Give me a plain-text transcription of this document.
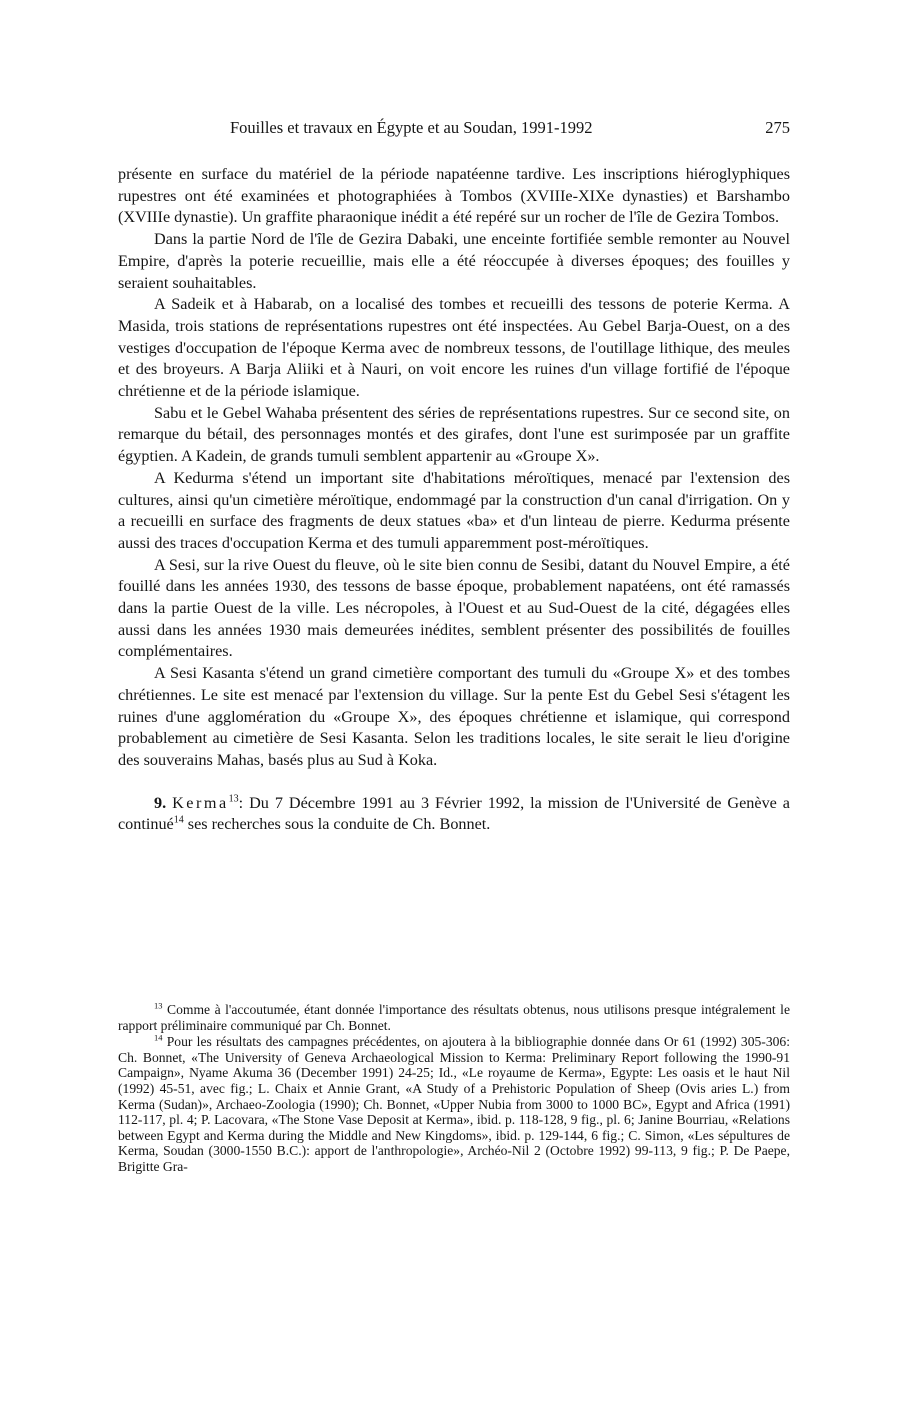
Fouilles et travaux en Égypte et au Soudan, 1991-1992	275

présente en surface du matériel de la période napatéenne tardive. Les inscriptions hiéroglyphiques rupestres ont été examinées et photographiées à Tombos (XVIIIe-XIXe dynasties) et Barshambo (XVIIIe dynastie). Un graffite pharaonique inédit a été repéré sur un rocher de l'île de Gezira Tombos.

Dans la partie Nord de l'île de Gezira Dabaki, une enceinte fortifiée semble remonter au Nouvel Empire, d'après la poterie recueillie, mais elle a été réoccupée à diverses époques; des fouilles y seraient souhaitables.

A Sadeik et à Habarab, on a localisé des tombes et recueilli des tessons de poterie Kerma. A Masida, trois stations de représentations rupestres ont été inspectées. Au Gebel Barja-Ouest, on a des vestiges d'occupation de l'époque Kerma avec de nombreux tessons, de l'outillage lithique, des meules et des broyeurs. A Barja Aliiki et à Nauri, on voit encore les ruines d'un village fortifié de l'époque chrétienne et de la période islamique.

Sabu et le Gebel Wahaba présentent des séries de représentations rupestres. Sur ce second site, on remarque du bétail, des personnages montés et des girafes, dont l'une est surimposée par un graffite égyptien. A Kadein, de grands tumuli semblent appartenir au «Groupe X».

A Kedurma s'étend un important site d'habitations méroïtiques, menacé par l'extension des cultures, ainsi qu'un cimetière méroïtique, endommagé par la construction d'un canal d'irrigation. On y a recueilli en surface des fragments de deux statues «ba» et d'un linteau de pierre. Kedurma présente aussi des traces d'occupation Kerma et des tumuli apparemment post-méroïtiques.

A Sesi, sur la rive Ouest du fleuve, où le site bien connu de Sesibi, datant du Nouvel Empire, a été fouillé dans les années 1930, des tessons de basse époque, probablement napatéens, ont été ramassés dans la partie Ouest de la ville. Les nécropoles, à l'Ouest et au Sud-Ouest de la cité, dégagées elles aussi dans les années 1930 mais demeurées inédites, semblent présenter des possibilités de fouilles complémentaires.

A Sesi Kasanta s'étend un grand cimetière comportant des tumuli du «Groupe X» et des tombes chrétiennes. Le site est menacé par l'extension du village. Sur la pente Est du Gebel Sesi s'étagent les ruines d'une agglomération du «Groupe X», des époques chrétienne et islamique, qui correspond probablement au cimetière de Sesi Kasanta. Selon les traditions locales, le site serait le lieu d'origine des souverains Mahas, basés plus au Sud à Koka.

9. Kerma$^{13}$: Du 7 Décembre 1991 au 3 Février 1992, la mission de l'Université de Genève a continué$^{14}$ ses recherches sous la conduite de Ch. Bonnet.

$^{13}$ Comme à l'accoutumée, étant donnée l'importance des résultats obtenus, nous utilisons presque intégralement le rapport préliminaire communiqué par Ch. Bonnet.

$^{14}$ Pour les résultats des campagnes précédentes, on ajoutera à la bibliographie donnée dans Or 61 (1992) 305-306: Ch. Bonnet, «The University of Geneva Archaeological Mission to Kerma: Preliminary Report following the 1990-91 Campaign», Nyame Akuma 36 (December 1991) 24-25; Id., «Le royaume de Kerma», Egypte: Les oasis et le haut Nil (1992) 45-51, avec fig.; L. Chaix et Annie Grant, «A Study of a Prehistoric Population of Sheep (Ovis aries L.) from Kerma (Sudan)», Archaeo-Zoologia (1990); Ch. Bonnet, «Upper Nubia from 3000 to 1000 BC», Egypt and Africa (1991) 112-117, pl. 4; P. Lacovara, «The Stone Vase Deposit at Kerma», ibid. p. 118-128, 9 fig., pl. 6; Janine Bourriau, «Relations between Egypt and Kerma during the Middle and New Kingdoms», ibid. p. 129-144, 6 fig.; C. Simon, «Les sépultures de Kerma, Soudan (3000-1550 B.C.): apport de l'anthropologie», Archéo-Nil 2 (Octobre 1992) 99-113, 9 fig.; P. De Paepe, Brigitte Gra-
